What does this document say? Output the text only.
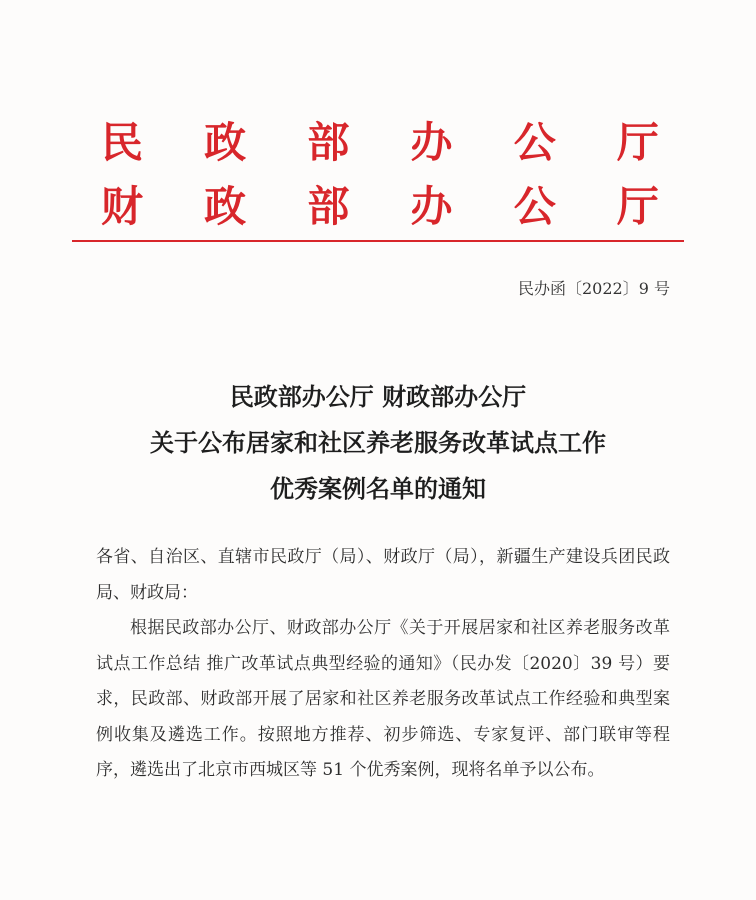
民 政 部 办 公 厅
财 政 部 办 公 厅
民办函〔2022〕9 号
民政部办公厅 财政部办公厅
关于公布居家和社区养老服务改革试点工作
优秀案例名单的通知

各省、自治区、直辖市民政厅（局）、财政厅（局），新疆生产建设兵团民政局、财政局：

根据民政部办公厅、财政部办公厅《关于开展居家和社区养老服务改革试点工作总结 推广改革试点典型经验的通知》（民办发〔2020〕39 号）要求，民政部、财政部开展了居家和社区养老服务改革试点工作经验和典型案例收集及遴选工作。按照地方推荐、初步筛选、专家复评、部门联审等程序，遴选出了北京市西城区等 51 个优秀案例，现将名单予以公布。
